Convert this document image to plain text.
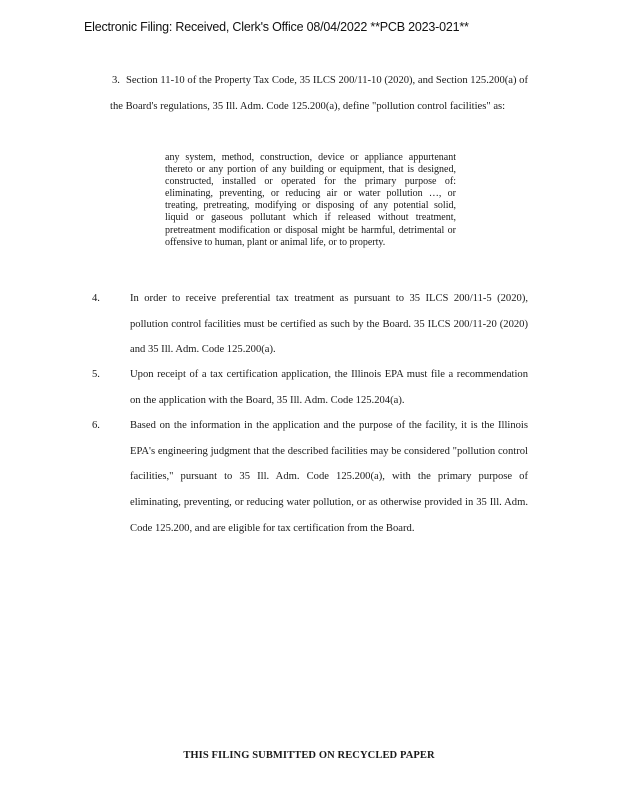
Electronic Filing: Received, Clerk's Office 08/04/2022 **PCB 2023-021**
3. Section 11-10 of the Property Tax Code, 35 ILCS 200/11-10 (2020), and Section 125.200(a) of the Board's regulations, 35 Ill. Adm. Code 125.200(a), define "pollution control facilities" as:
any system, method, construction, device or appliance appurtenant thereto or any portion of any building or equipment, that is designed, constructed, installed or operated for the primary purpose of: eliminating, preventing, or reducing air or water pollution …, or treating, pretreating, modifying or disposing of any potential solid, liquid or gaseous pollutant which if released without treatment, pretreatment modification or disposal might be harmful, detrimental or offensive to human, plant or animal life, or to property.
4.	In order to receive preferential tax treatment as pursuant to 35 ILCS 200/11-5 (2020), pollution control facilities must be certified as such by the Board. 35 ILCS 200/11-20 (2020) and 35 Ill. Adm. Code 125.200(a).
5.	Upon receipt of a tax certification application, the Illinois EPA must file a recommendation on the application with the Board, 35 Ill. Adm. Code 125.204(a).
6.	Based on the information in the application and the purpose of the facility, it is the Illinois EPA's engineering judgment that the described facilities may be considered "pollution control facilities," pursuant to 35 Ill. Adm. Code 125.200(a), with the primary purpose of eliminating, preventing, or reducing water pollution, or as otherwise provided in 35 Ill. Adm. Code 125.200, and are eligible for tax certification from the Board.
THIS FILING SUBMITTED ON RECYCLED PAPER
